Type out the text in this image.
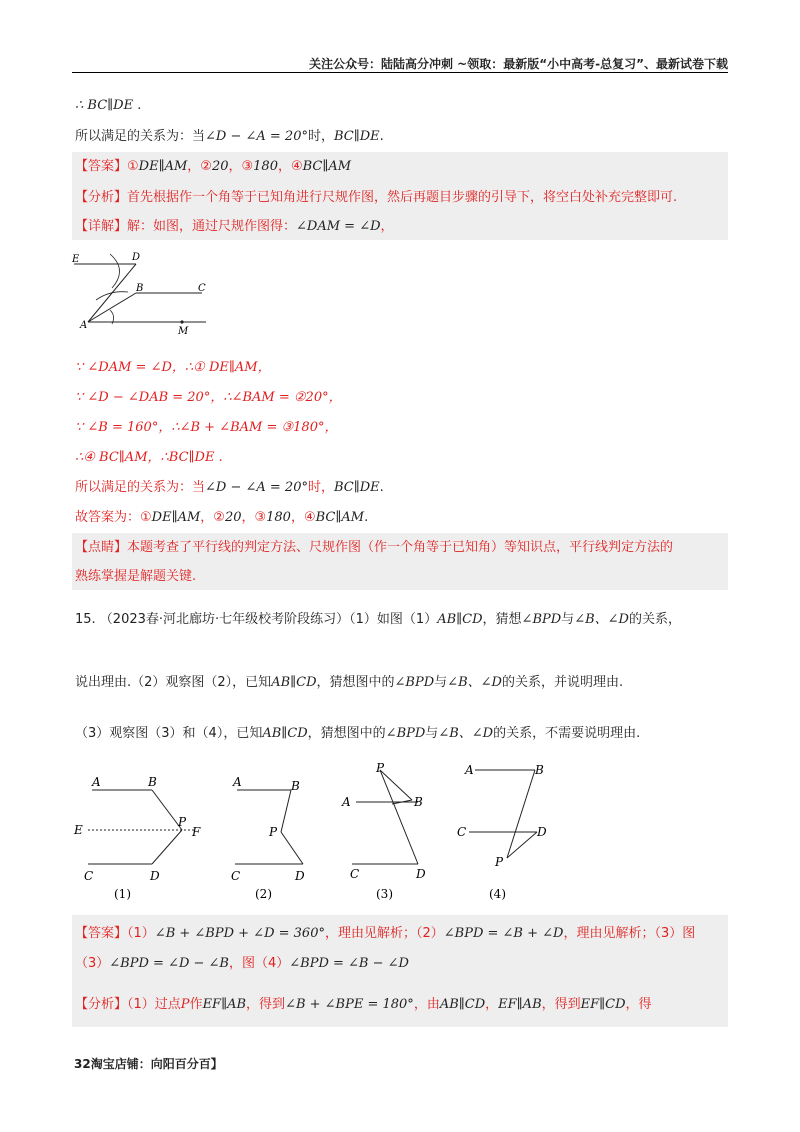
关注公众号：陆陆高分冲刺 ~领取：最新版“小中高考-总复习”、最新试卷下载
∴ BC∥DE .
所以满足的关系为：当∠D − ∠A = 20°时，BC∥DE.
【答案】①DE∥AM，②20，③180，④BC∥AM
【分析】首先根据作一个角等于已知角进行尺规作图，然后再题目步骤的引导下，将空白处补充完整即可.
【详解】解：如图，通过尺规作图得：∠DAM = ∠D，
E	D
B	C
A
M
∵ ∠DAM = ∠D，∴① DE∥AM，
∵ ∠D − ∠DAB = 20°，∴∠BAM = ②20°，
∵ ∠B = 160°，∴∠B + ∠BAM = ③180°，
∴④ BC∥AM，∴BC∥DE .
所以满足的关系为：当∠D − ∠A = 20°时，BC∥DE.
故答案为：①DE∥AM，②20，③180，④BC∥AM.
【点睛】本题考查了平行线的判定方法、尺规作图（作一个角等于已知角）等知识点，平行线判定方法的
熟练掌握是解题关键.
15. （2023春·河北廊坊·七年级校考阶段练习）（1）如图（1）AB∥CD，猜想∠BPD与∠B、∠D的关系，
说出理由.（2）观察图（2），已知AB∥CD，猜想图中的∠BPD与∠B、∠D的关系，并说明理由.
（3）观察图（3）和（4），已知AB∥CD，猜想图中的∠BPD与∠B、∠D的关系，不需要说明理由.
A	B
E
P
F
C	D
(1)
A	B
P
C	D
(2)
P
A	B
C	D
(3)
A	B
C	D
P
(4)
【答案】（1）∠B + ∠BPD + ∠D = 360°，理由见解析；（2）∠BPD = ∠B + ∠D，理由见解析；（3）图
（3）∠BPD = ∠D − ∠B，图（4）∠BPD = ∠B − ∠D
【分析】（1）过点P作EF∥AB，得到∠B + ∠BPE = 180°，由AB∥CD，EF∥AB，得到EF∥CD，得
32淘宝店铺：向阳百分百】
